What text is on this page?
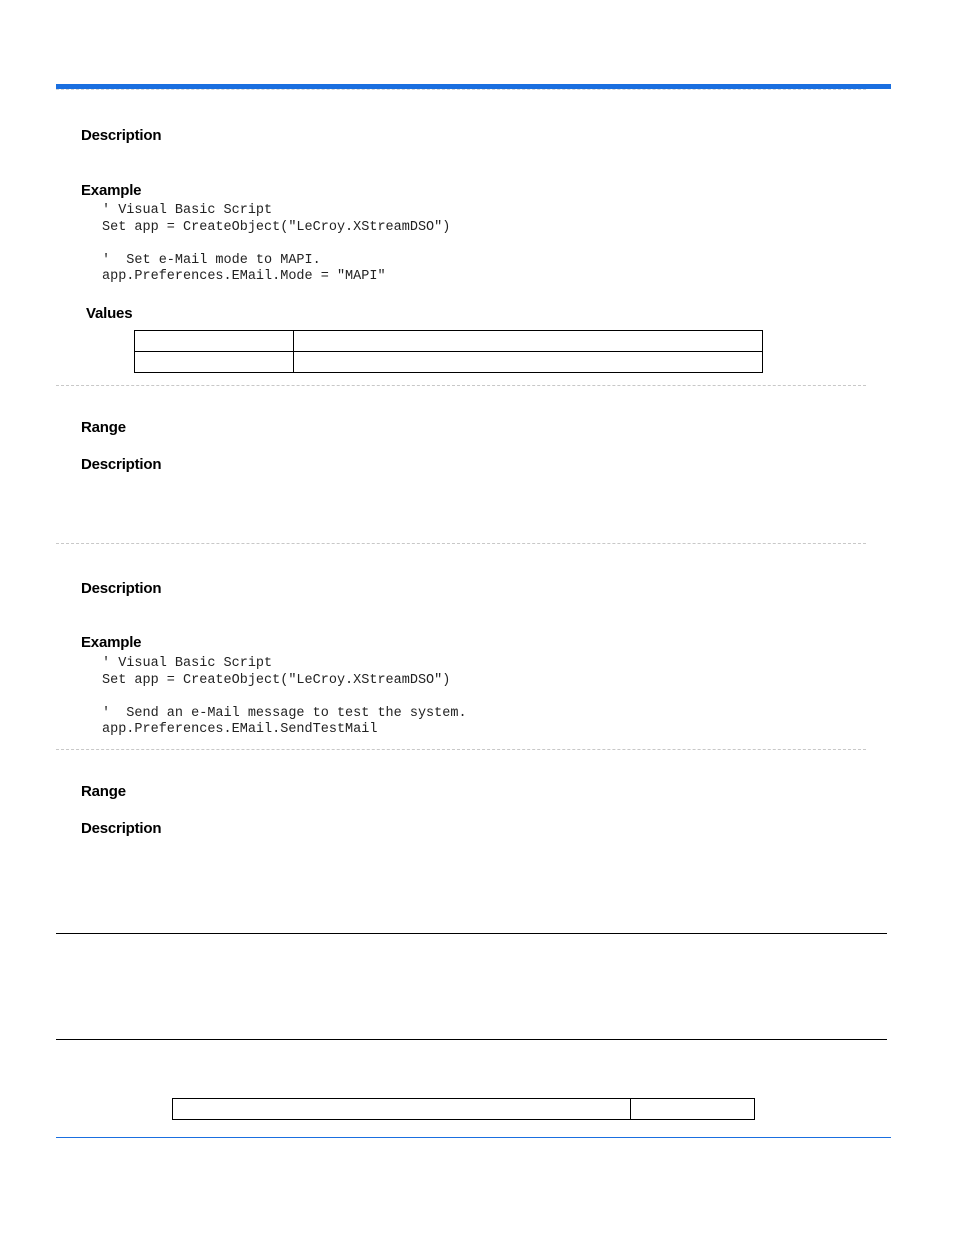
Description
Example
' Visual Basic Script
Set app = CreateObject("LeCroy.XStreamDSO")
'  Set e-Mail mode to MAPI.
app.Preferences.EMail.Mode = "MAPI"
Values

Range
Description
Description
Example
' Visual Basic Script
Set app = CreateObject("LeCroy.XStreamDSO")
'  Send an e-Mail message to test the system.
app.Preferences.EMail.SendTestMail
Range
Description
